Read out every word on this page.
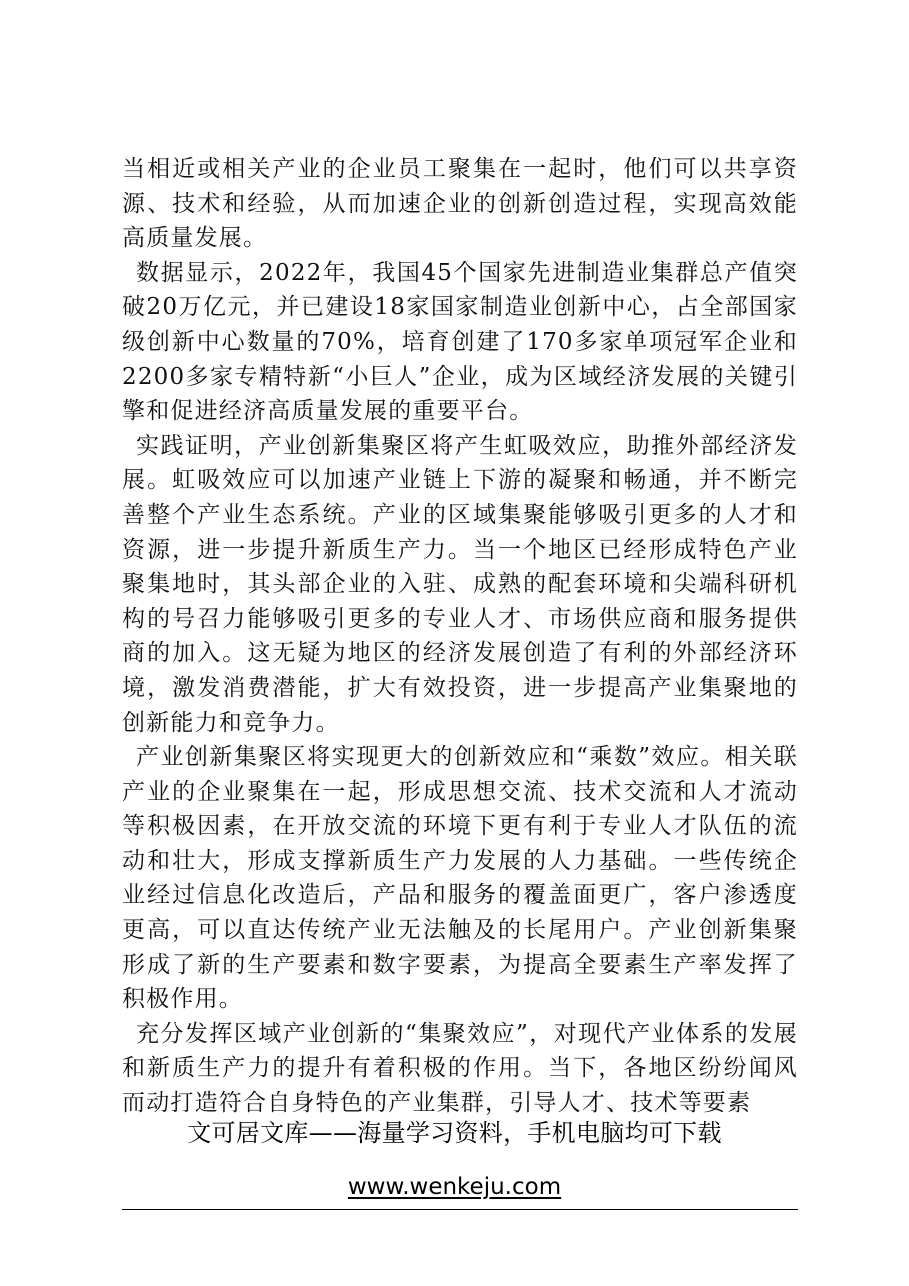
当相近或相关产业的企业员工聚集在一起时，他们可以共享资源、技术和经验，从而加速企业的创新创造过程，实现高效能高质量发展。

数据显示，2022年，我国45个国家先进制造业集群总产值突破20万亿元，并已建设18家国家制造业创新中心，占全部国家级创新中心数量的70%，培育创建了170多家单项冠军企业和2200多家专精特新“小巨人”企业，成为区域经济发展的关键引擎和促进经济高质量发展的重要平台。

实践证明，产业创新集聚区将产生虹吸效应，助推外部经济发展。虹吸效应可以加速产业链上下游的凝聚和畅通，并不断完善整个产业生态系统。产业的区域集聚能够吸引更多的人才和资源，进一步提升新质生产力。当一个地区已经形成特色产业聚集地时，其头部企业的入驻、成熟的配套环境和尖端科研机构的号召力能够吸引更多的专业人才、市场供应商和服务提供商的加入。这无疑为地区的经济发展创造了有利的外部经济环境，激发消费潜能，扩大有效投资，进一步提高产业集聚地的创新能力和竞争力。

产业创新集聚区将实现更大的创新效应和“乘数”效应。相关联产业的企业聚集在一起，形成思想交流、技术交流和人才流动等积极因素，在开放交流的环境下更有利于专业人才队伍的流动和壮大，形成支撑新质生产力发展的人力基础。一些传统企业经过信息化改造后，产品和服务的覆盖面更广，客户渗透度更高，可以直达传统产业无法触及的长尾用户。产业创新集聚形成了新的生产要素和数字要素，为提高全要素生产率发挥了积极作用。

充分发挥区域产业创新的“集聚效应”，对现代产业体系的发展和新质生产力的提升有着积极的作用。当下，各地区纷纷闻风而动打造符合自身特色的产业集群，引导人才、技术等要素

文可居文库——海量学习资料，手机电脑均可下载
www.wenkeju.com
